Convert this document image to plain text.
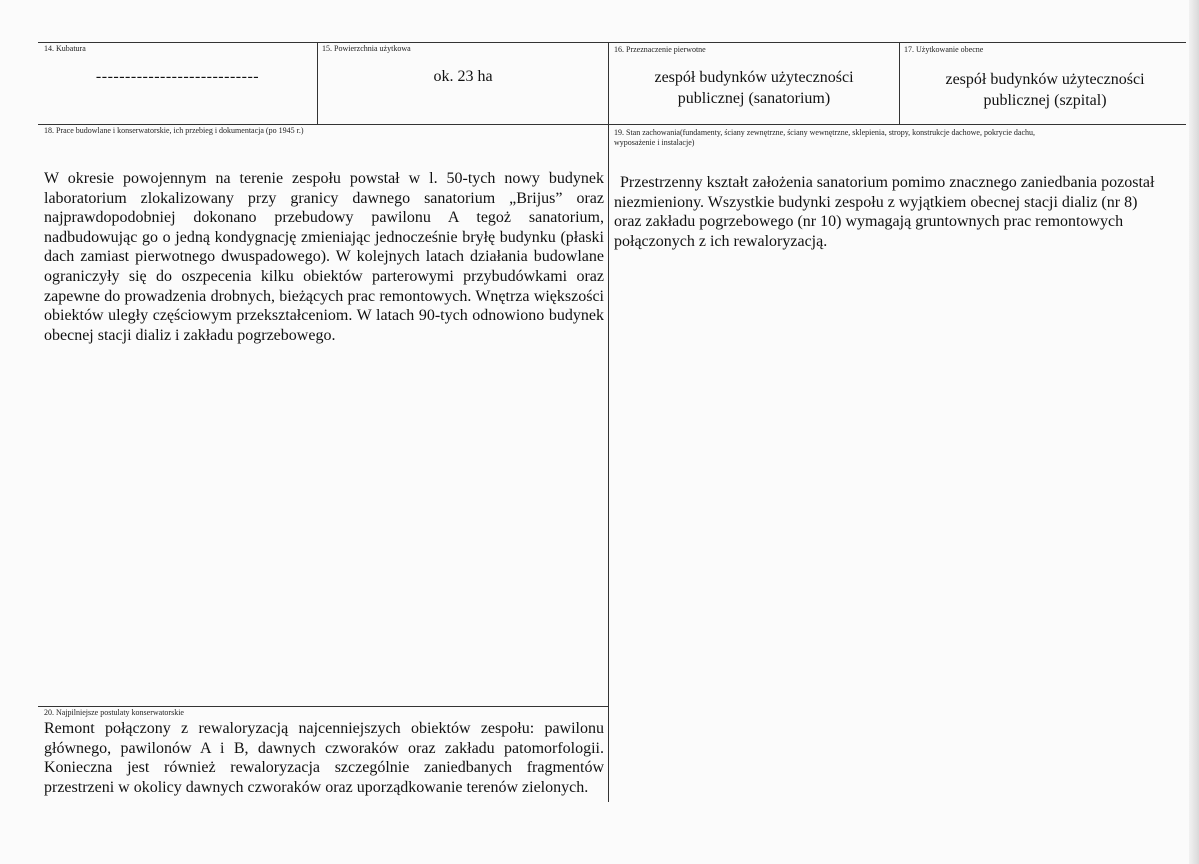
14. Kubatura
----------------------------
15. Powierzchnia użytkowa
ok. 23 ha
16. Przeznaczenie pierwotne
zespół budynków użyteczności
publicznej (sanatorium)
17. Użytkowanie obecne
zespół budynków użyteczności
publicznej (szpital)
18. Prace budowlane i konserwatorskie, ich przebieg i dokumentacja (po 1945 r.)
W okresie powojennym na terenie zespołu powstał w l. 50-tych nowy budynek laboratorium zlokalizowany przy granicy dawnego sanatorium „Brijus” oraz najprawdopodobniej dokonano przebudowy pawilonu A tegoż sanatorium, nadbudowując go o jedną kondygnację zmieniając jednocześnie bryłę budynku (płaski dach zamiast pierwotnego dwuspadowego). W kolejnych latach działania budowlane ograniczyły się do oszpecenia kilku obiektów parterowymi przybudówkami oraz zapewne do prowadzenia drobnych, bieżących prac remontowych. Wnętrza większości obiektów uległy częściowym przekształceniom. W latach 90-tych odnowiono budynek obecnej stacji dializ i zakładu pogrzebowego.
19. Stan zachowania(fundamenty, ściany zewnętrzne, ściany wewnętrzne, sklepienia, stropy, konstrukcje dachowe, pokrycie dachu,
wyposażenie i instalacje)
Przestrzenny kształt założenia sanatorium pomimo znacznego zaniedbania pozostał niezmieniony. Wszystkie budynki zespołu z wyjątkiem obecnej stacji dializ (nr 8) oraz zakładu pogrzebowego (nr 10) wymagają gruntownych prac remontowych połączonych z ich rewaloryzacją.
20. Najpilniejsze postulaty konserwatorskie
Remont połączony z rewaloryzacją najcenniejszych obiektów zespołu: pawilonu głównego, pawilonów A i B, dawnych czworaków oraz zakładu patomorfologii. Konieczna jest również rewaloryzacja szczególnie zaniedbanych fragmentów przestrzeni w okolicy dawnych czworaków oraz uporządkowanie terenów zielonych.
